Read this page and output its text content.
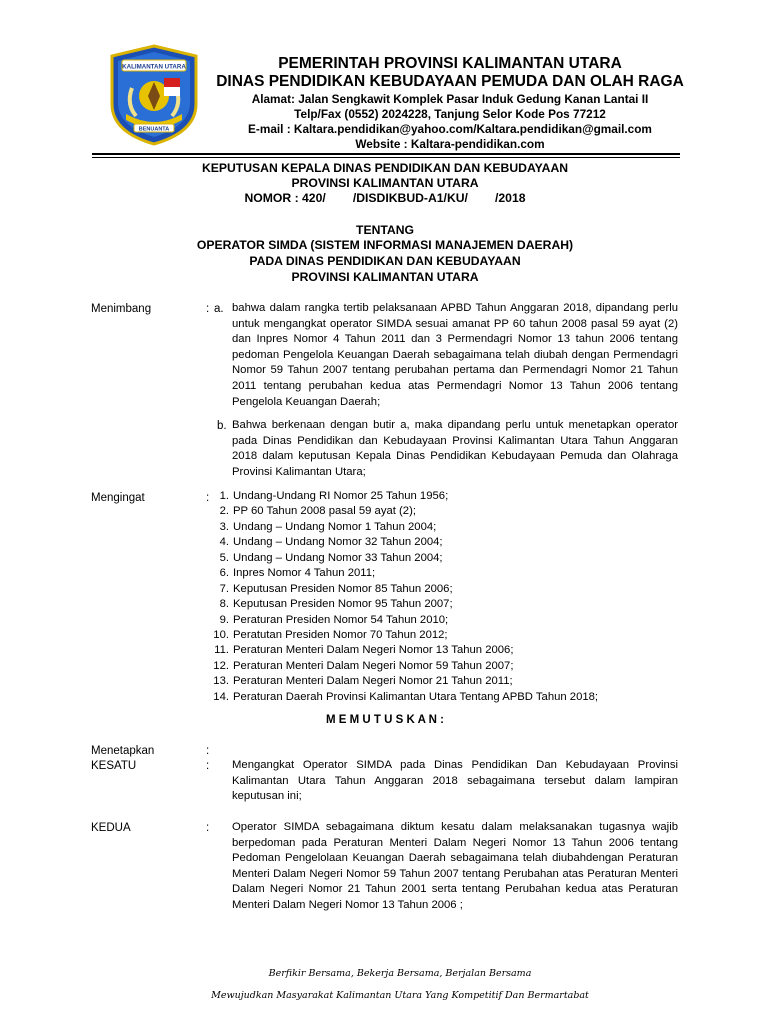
KALIMANTAN UTARA
BENUANTA
PEMERINTAH PROVINSI KALIMANTAN UTARA
DINAS PENDIDIKAN KEBUDAYAAN PEMUDA DAN OLAH RAGA
Alamat: Jalan Sengkawit Komplek Pasar Induk Gedung Kanan Lantai II
Telp/Fax (0552) 2024228, Tanjung Selor Kode Pos 77212
E-mail : Kaltara.pendidikan@yahoo.com/Kaltara.pendidikan@gmail.com
Website : Kaltara-pendidikan.com
KEPUTUSAN KEPALA DINAS PENDIDIKAN DAN KEBUDAYAAN
PROVINSI KALIMANTAN UTARA
NOMOR : 420/        /DISDIKBUD-A1/KU/        /2018
TENTANG
OPERATOR SIMDA (SISTEM INFORMASI MANAJEMEN DAERAH)
PADA DINAS PENDIDIKAN DAN KEBUDAYAAN
PROVINSI KALIMANTAN UTARA
Menimbang	: a. bahwa dalam rangka tertib pelaksanaan APBD Tahun Anggaran 2018, dipandang perlu untuk mengangkat operator SIMDA sesuai amanat PP 60 tahun 2008 pasal 59 ayat (2) dan Inpres Nomor 4 Tahun 2011 dan 3 Permendagri Nomor 13 tahun 2006 tentang pedoman Pengelola Keuangan Daerah sebagaimana telah diubah dengan Permendagri Nomor 59 Tahun 2007 tentang perubahan pertama dan Permendagri Nomor 21 Tahun 2011 tentang perubahan kedua atas Permendagri Nomor 13 Tahun 2006 tentang Pengelola Keuangan Daerah;
b. Bahwa berkenaan dengan butir a, maka dipandang perlu untuk menetapkan operator pada Dinas Pendidikan dan Kebudayaan Provinsi Kalimantan Utara Tahun Anggaran 2018 dalam keputusan Kepala Dinas Pendidikan Kebudayaan Pemuda dan Olahraga Provinsi Kalimantan Utara;
Mengingat	: 1. Undang-Undang RI Nomor 25 Tahun 1956;
2. PP 60 Tahun 2008 pasal 59 ayat (2);
3. Undang – Undang Nomor 1 Tahun 2004;
4. Undang – Undang Nomor 32 Tahun 2004;
5. Undang – Undang Nomor 33 Tahun 2004;
6. Inpres Nomor 4 Tahun 2011;
7. Keputusan Presiden Nomor 85 Tahun 2006;
8. Keputusan Presiden Nomor 95 Tahun 2007;
9. Peraturan Presiden Nomor 54 Tahun 2010;
10. Peratutan Presiden Nomor 70 Tahun 2012;
11. Peraturan Menteri Dalam Negeri Nomor 13 Tahun 2006;
12. Peraturan Menteri Dalam Negeri Nomor 59 Tahun 2007;
13. Peraturan Menteri Dalam Negeri Nomor 21 Tahun 2011;
14. Peraturan Daerah Provinsi Kalimantan Utara Tentang APBD Tahun 2018;
M E M U T U S K A N :
Menetapkan	:
KESATU	: Mengangkat Operator SIMDA pada Dinas Pendidikan Dan Kebudayaan Provinsi Kalimantan Utara Tahun Anggaran 2018 sebagaimana tersebut dalam lampiran keputusan ini;
KEDUA	: Operator SIMDA sebagaimana diktum kesatu dalam melaksanakan tugasnya wajib berpedoman pada Peraturan Menteri Dalam Negeri Nomor 13 Tahun 2006 tentang Pedoman Pengelolaan Keuangan Daerah sebagaimana telah diubahdengan Peraturan Menteri Dalam Negeri Nomor 59 Tahun 2007 tentang Perubahan atas Peraturan Menteri Dalam Negeri Nomor 21 Tahun 2001 serta tentang Perubahan kedua atas Peraturan Menteri Dalam Negeri Nomor 13 Tahun 2006 ;
Berfikir Bersama, Bekerja Bersama, Berjalan Bersama
Mewujudkan Masyarakat Kalimantan Utara Yang Kompetitif Dan Bermartabat
